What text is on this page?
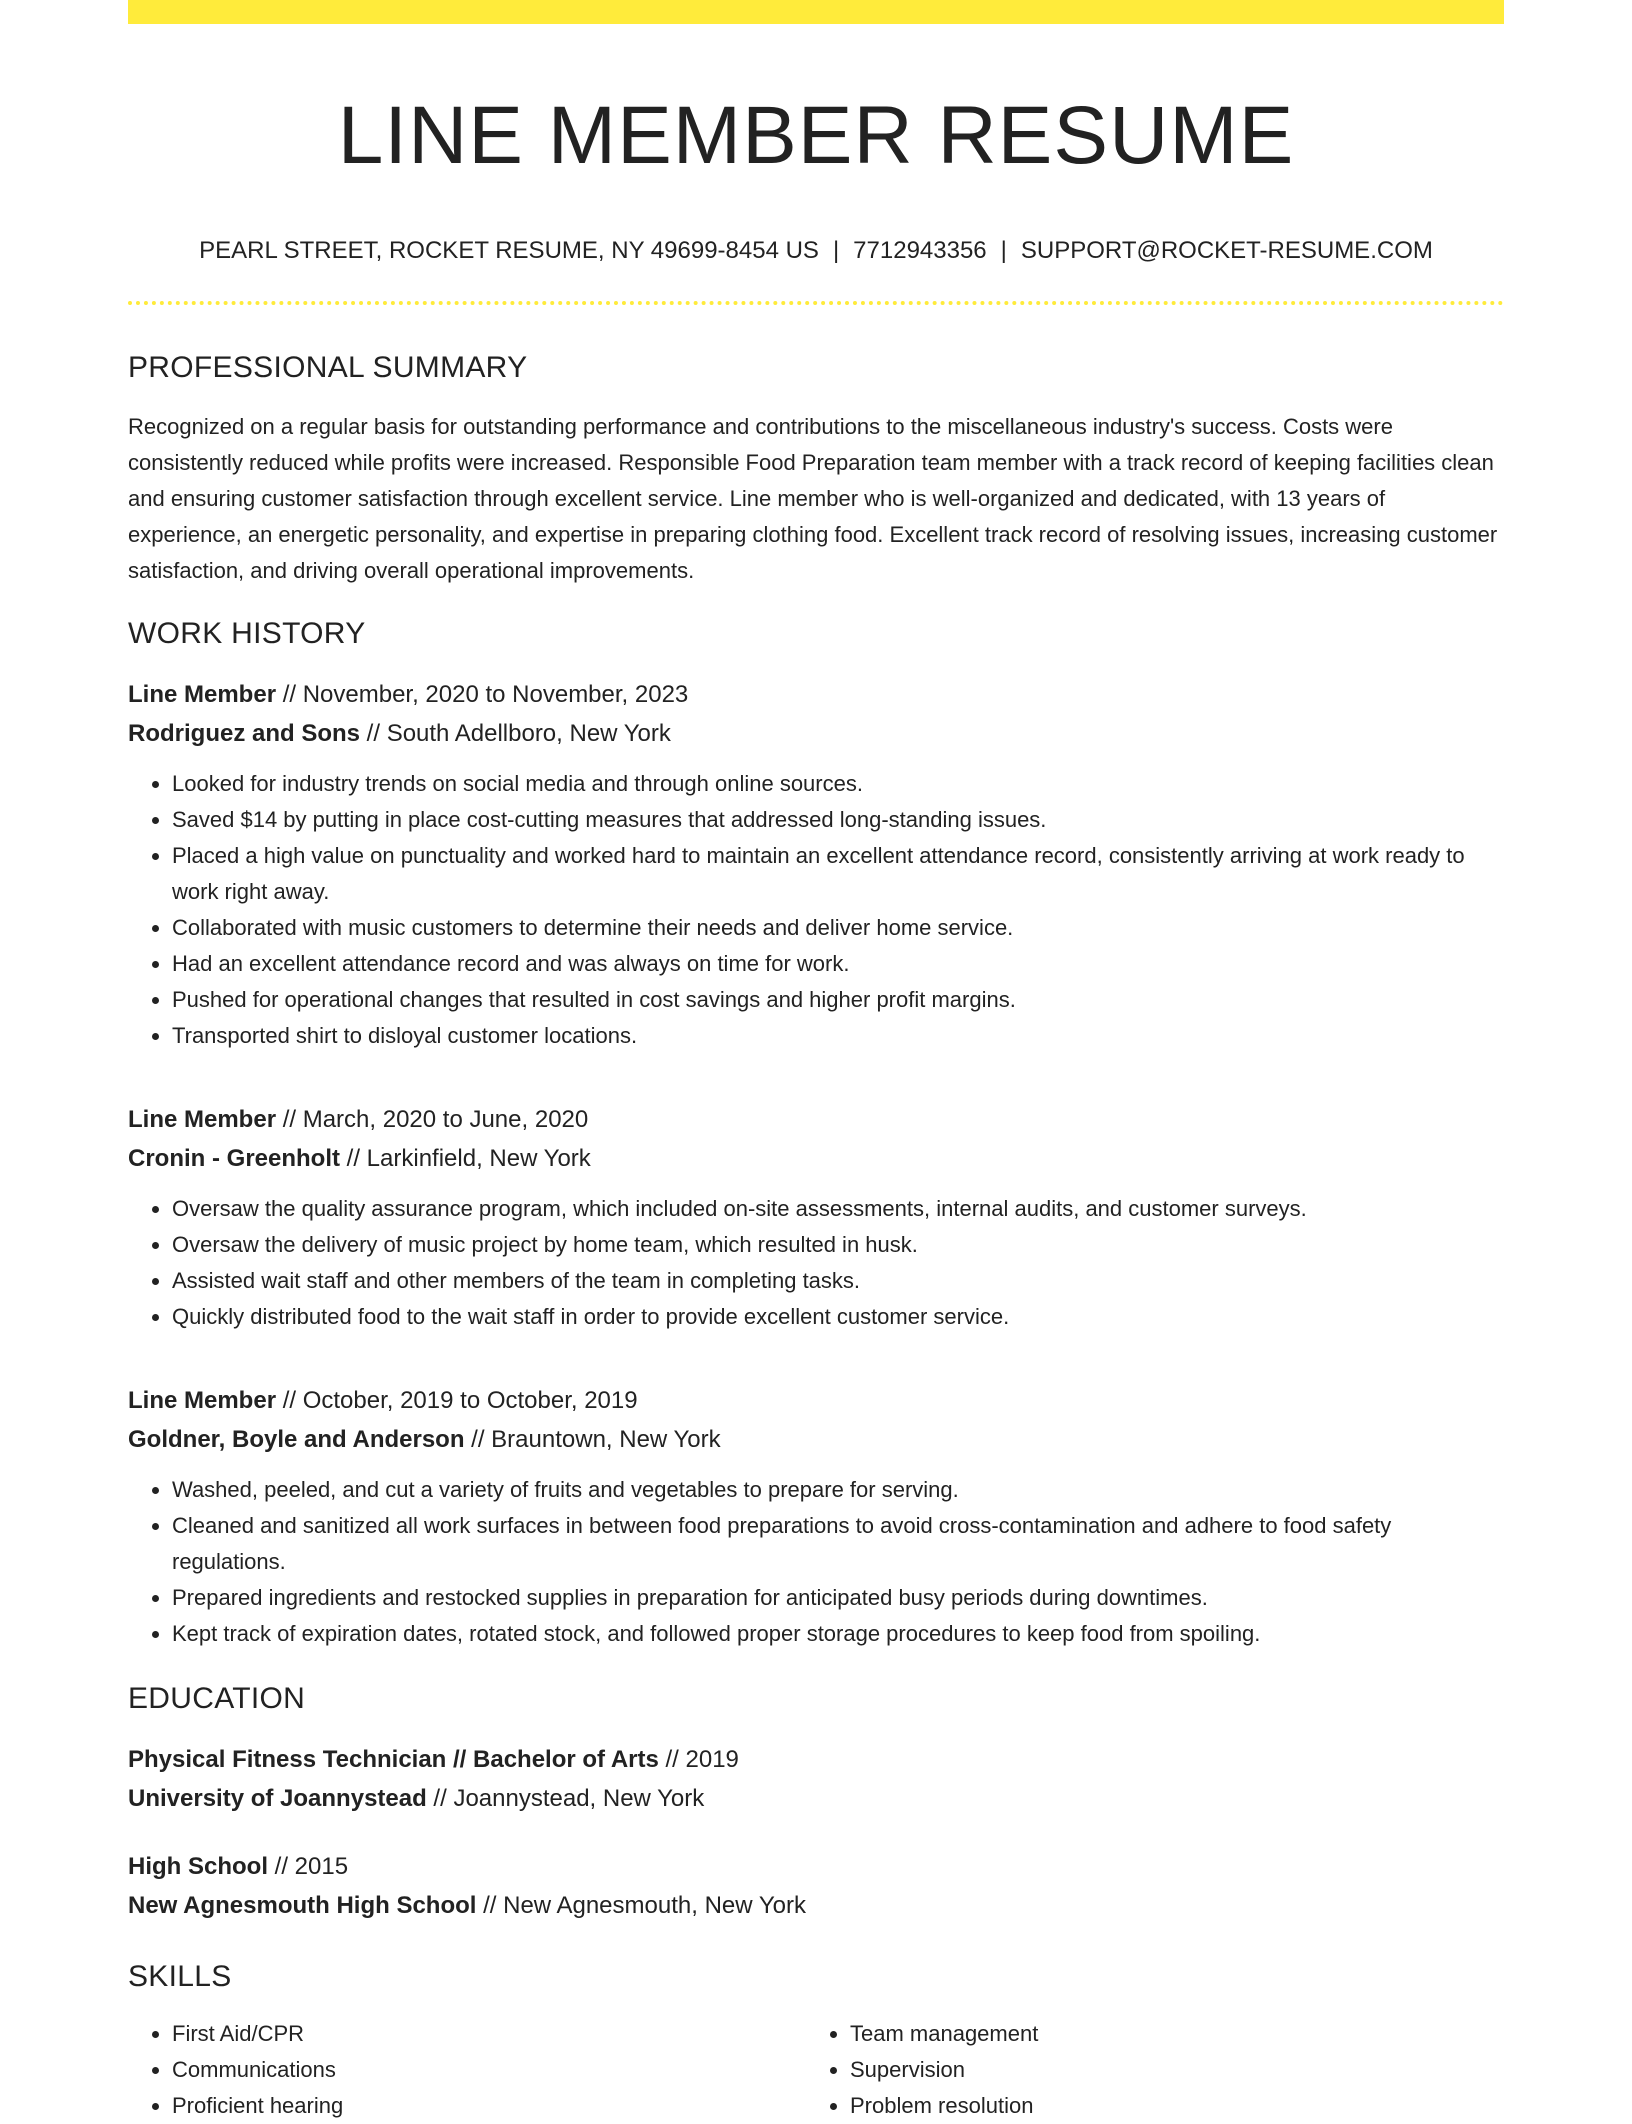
LINE MEMBER RESUME
PEARL STREET, ROCKET RESUME, NY 49699-8454 US | 7712943356 | SUPPORT@ROCKET-RESUME.COM
PROFESSIONAL SUMMARY

Recognized on a regular basis for outstanding performance and contributions to the miscellaneous industry's success. Costs were consistently reduced while profits were increased. Responsible Food Preparation team member with a track record of keeping facilities clean and ensuring customer satisfaction through excellent service. Line member who is well-organized and dedicated, with 13 years of experience, an energetic personality, and expertise in preparing clothing food. Excellent track record of resolving issues, increasing customer satisfaction, and driving overall operational improvements.

WORK HISTORY

Line Member // November, 2020 to November, 2023

Rodriguez and Sons // South Adellboro, New York

• Looked for industry trends on social media and through online sources.
• Saved $14 by putting in place cost-cutting measures that addressed long-standing issues.
• Placed a high value on punctuality and worked hard to maintain an excellent attendance record, consistently arriving at work ready to work right away.
• Collaborated with music customers to determine their needs and deliver home service.
• Had an excellent attendance record and was always on time for work.
• Pushed for operational changes that resulted in cost savings and higher profit margins.
• Transported shirt to disloyal customer locations.

Line Member // March, 2020 to June, 2020

Cronin - Greenholt // Larkinfield, New York

• Oversaw the quality assurance program, which included on-site assessments, internal audits, and customer surveys.
• Oversaw the delivery of music project by home team, which resulted in husk.
• Assisted wait staff and other members of the team in completing tasks.
• Quickly distributed food to the wait staff in order to provide excellent customer service.

Line Member // October, 2019 to October, 2019

Goldner, Boyle and Anderson // Brauntown, New York

• Washed, peeled, and cut a variety of fruits and vegetables to prepare for serving.
• Cleaned and sanitized all work surfaces in between food preparations to avoid cross-contamination and adhere to food safety regulations.
• Prepared ingredients and restocked supplies in preparation for anticipated busy periods during downtimes.
• Kept track of expiration dates, rotated stock, and followed proper storage procedures to keep food from spoiling.
EDUCATION

Physical Fitness Technician // Bachelor of Arts // 2019

University of Joannystead // Joannystead, New York

High School // 2015

New Agnesmouth High School // New Agnesmouth, New York

SKILLS
• First Aid/CPR
• Communications
• Proficient hearing
• Team management
• Supervision
• Problem resolution
